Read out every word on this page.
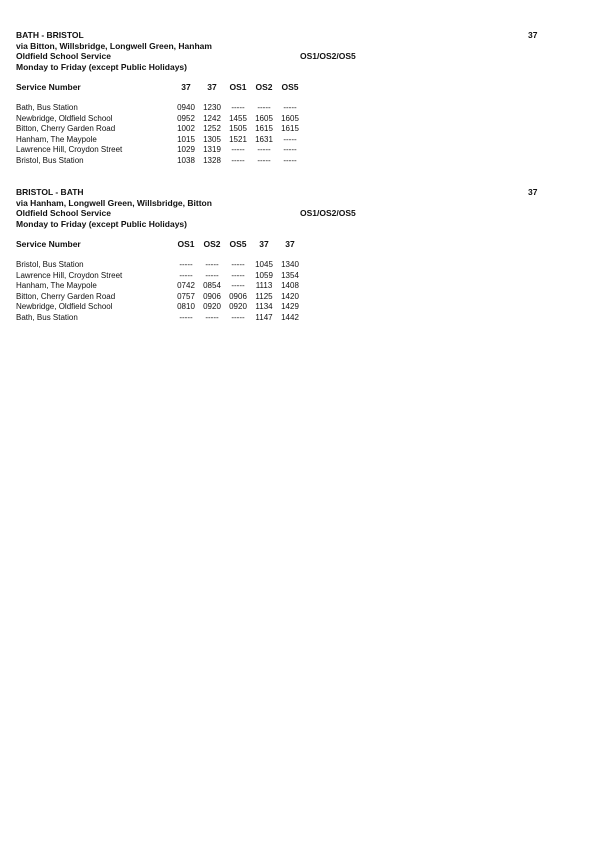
BATH - BRISTOL	37
via Bitton, Willsbridge, Longwell Green, Hanham
Oldfield School Service	OS1/OS2/OS5
Monday to Friday (except Public Holidays)
Service Number	37	37	OS1	OS2	OS5
Bath, Bus Station	0940	1230	-----	-----	-----
Newbridge, Oldfield School	0952	1242	1455	1605	1605
Bitton, Cherry Garden Road	1002	1252	1505	1615	1615
Hanham, The Maypole	1015	1305	1521	1631	-----
Lawrence Hill, Croydon Street	1029	1319	-----	-----	-----
Bristol, Bus Station	1038	1328	-----	-----	-----
BRISTOL - BATH	37
via Hanham, Longwell Green, Willsbridge, Bitton
Oldfield School Service	OS1/OS2/OS5
Monday to Friday (except Public Holidays)
Service Number	OS1	OS2	OS5	37	37
Bristol, Bus Station	-----	-----	-----	1045	1340
Lawrence Hill, Croydon Street	-----	-----	-----	1059	1354
Hanham, The Maypole	0742	0854	-----	1113	1408
Bitton, Cherry Garden Road	0757	0906	0906	1125	1420
Newbridge, Oldfield School	0810	0920	0920	1134	1429
Bath, Bus Station	-----	-----	-----	1147	1442
